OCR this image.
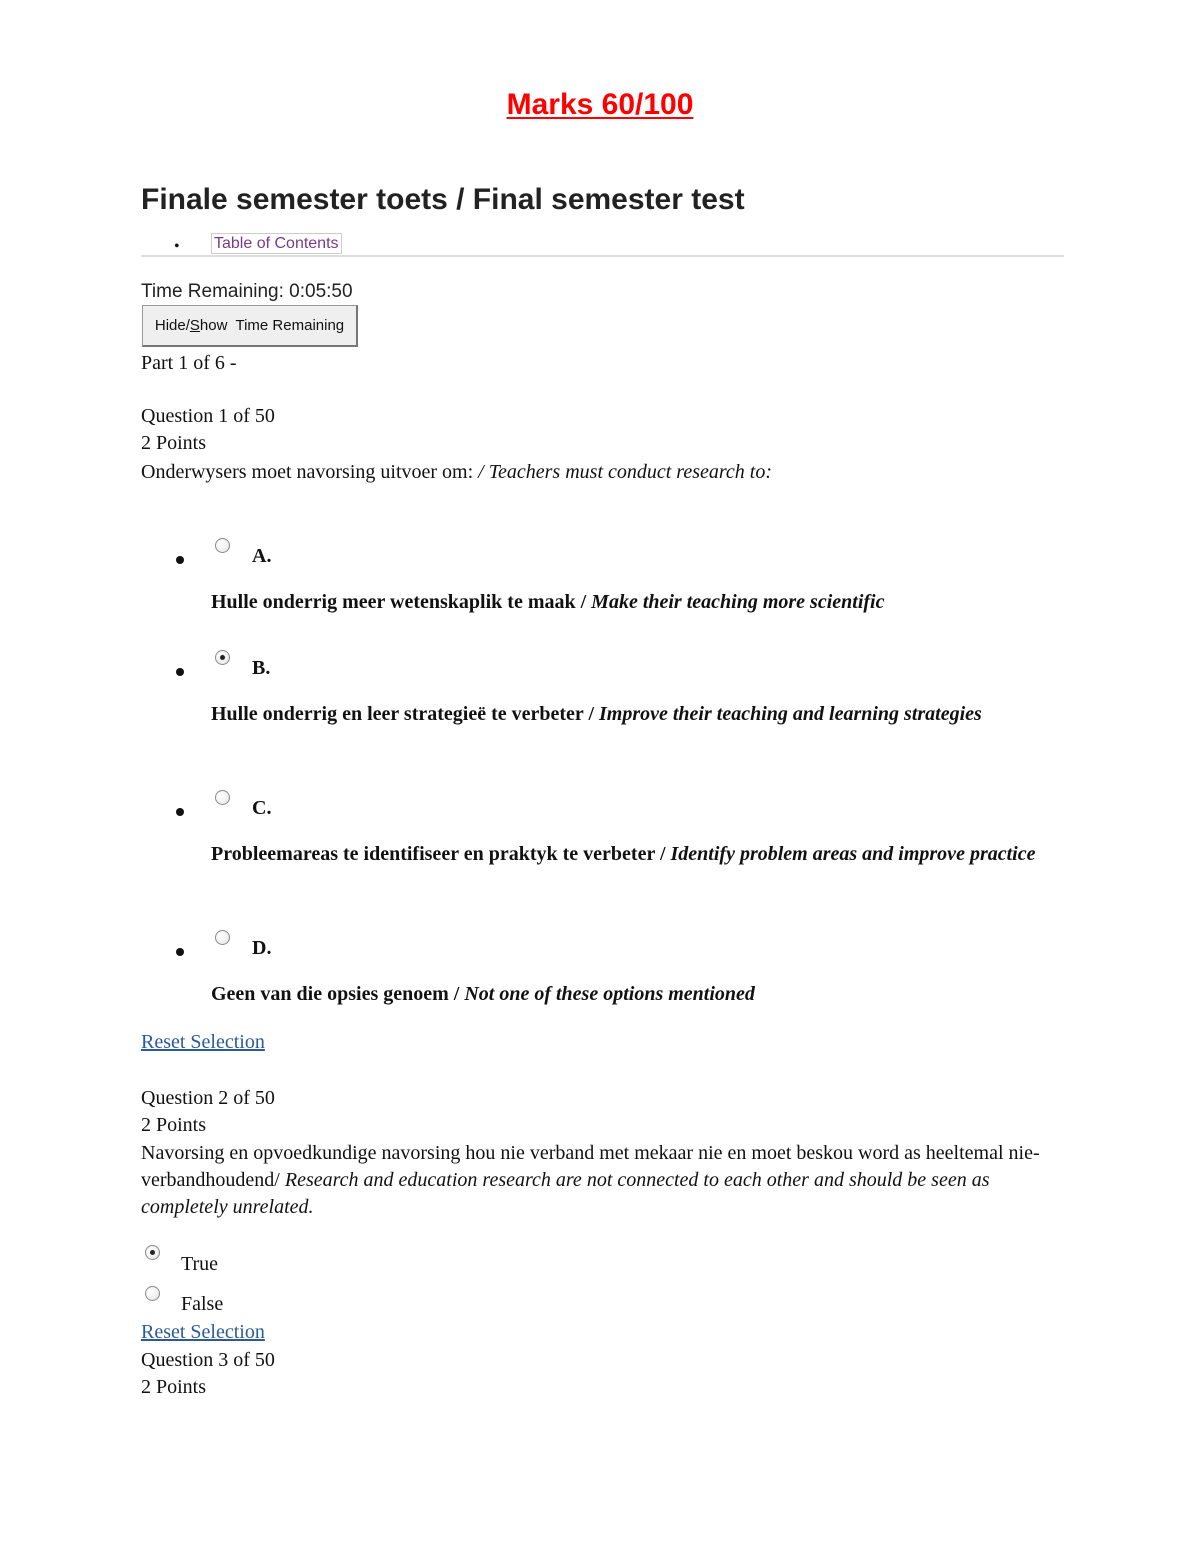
Marks 60/100
Finale semester toets / Final semester test
• Table of Contents
Time Remaining: 0:05:50
Hide/ S how  Time Remaining
Part 1 of 6 -
Question 1 of 50
2 Points
Onderwysers moet navorsing uitvoer om: / Teachers must conduct research to:
A.
Hulle onderrig meer wetenskaplik te maak / Make their teaching more scientific
B.
Hulle onderrig en leer strategieë te verbeter / Improve their teaching and learning strategies
C.
Probleemareas te identifiseer en praktyk te verbeter / Identify problem areas and improve practice
D.
Geen van die opsies genoem / Not one of these options mentioned
Reset Selection
Question 2 of 50
2 Points
Navorsing en opvoedkundige navorsing hou nie verband met mekaar nie en moet beskou word as heeltemal nie-verbandhoudend/ Research and education research are not connected to each other and should be seen as completely unrelated.
True
False
Reset Selection
Question 3 of 50
2 Points
